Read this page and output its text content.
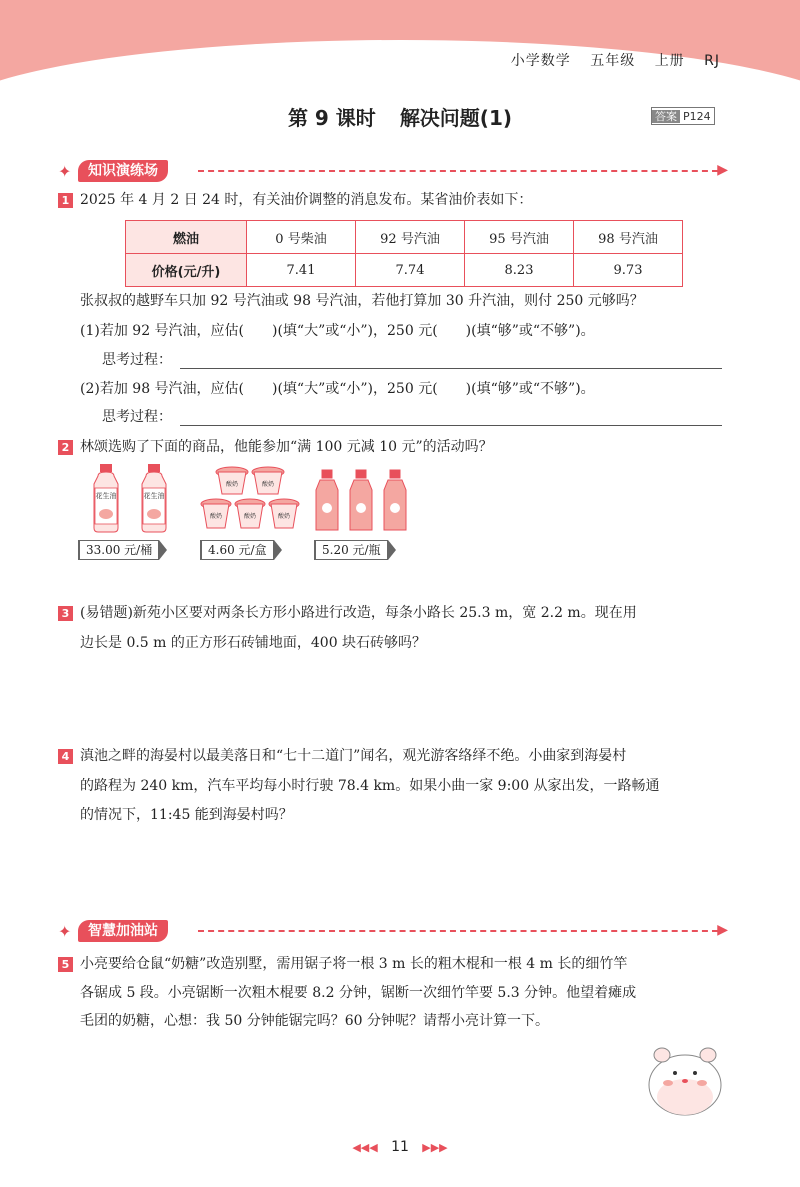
小学数学 五年级 上册 RJ
第 9 课时 解决问题(1)	答案 P124
✦	知识演练场	▶
1 2025 年 4 月 2 日 24 时，有关油价调整的消息发布。某省油价表如下：
燃油	0 号柴油	92 号汽油	95 号汽油	98 号汽油
价格(元/升)	7.41	7.74	8.23	9.73
张叔叔的越野车只加 92 号汽油或 98 号汽油，若他打算加 30 升汽油，则付 250 元够吗？
(1)若加 92 号汽油，应估(　　)(填“大”或“小”)，250 元(　　)(填“够”或“不够”)。
思考过程：
(2)若加 98 号汽油，应估(　　)(填“大”或“小”)，250 元(　　)(填“够”或“不够”)。
思考过程：
2 林颂选购了下面的商品，他能参加“满 100 元减 10 元”的活动吗？
花生油	花生油
酸奶	酸奶
酸奶	酸奶	酸奶
33.00 元/桶	4.60 元/盒	5.20 元/瓶
3 (易错题)新苑小区要对两条长方形小路进行改造，每条小路长 25.3 m，宽 2.2 m。现在用
边长是 0.5 m 的正方形石砖铺地面，400 块石砖够吗？
4 滇池之畔的海晏村以最美落日和“七十二道门”闻名，观光游客络绎不绝。小曲家到海晏村
的路程为 240 km，汽车平均每小时行驶 78.4 km。如果小曲一家 9:00 从家出发，一路畅通
的情况下，11:45 能到海晏村吗？
✦	智慧加油站	▶
5 小亮要给仓鼠“奶糖”改造别墅，需用锯子将一根 3 m 长的粗木棍和一根 4 m 长的细竹竿
各锯成 5 段。小亮锯断一次粗木棍要 8.2 分钟，锯断一次细竹竿要 5.3 分钟。他望着瘫成
毛团的奶糖，心想：我 50 分钟能锯完吗？60 分钟呢？请帮小亮计算一下。
◀◀◀ 11 ▶▶▶
